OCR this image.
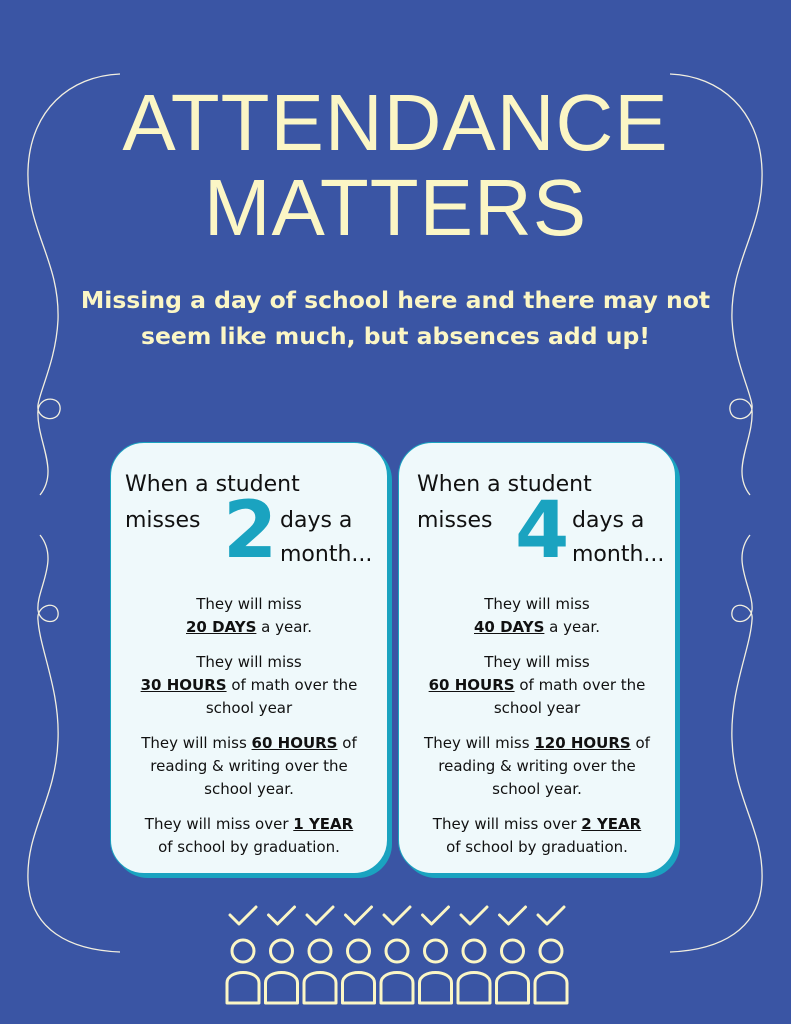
ATTENDANCE
MATTERS

Missing a day of school here and there may not seem like much, but absences add up!

When a student
misses 2 days a
month...

They will miss
20 DAYS a year.

They will miss
30 HOURS of math over the school year

They will miss 60 HOURS of reading & writing over the school year.

They will miss over 1 YEAR of school by graduation.

When a student
misses 4 days a
month...

They will miss
40 DAYS a year.

They will miss
60 HOURS of math over the school year

They will miss 120 HOURS of reading & writing over the school year.

They will miss over 2 YEAR of school by graduation.
